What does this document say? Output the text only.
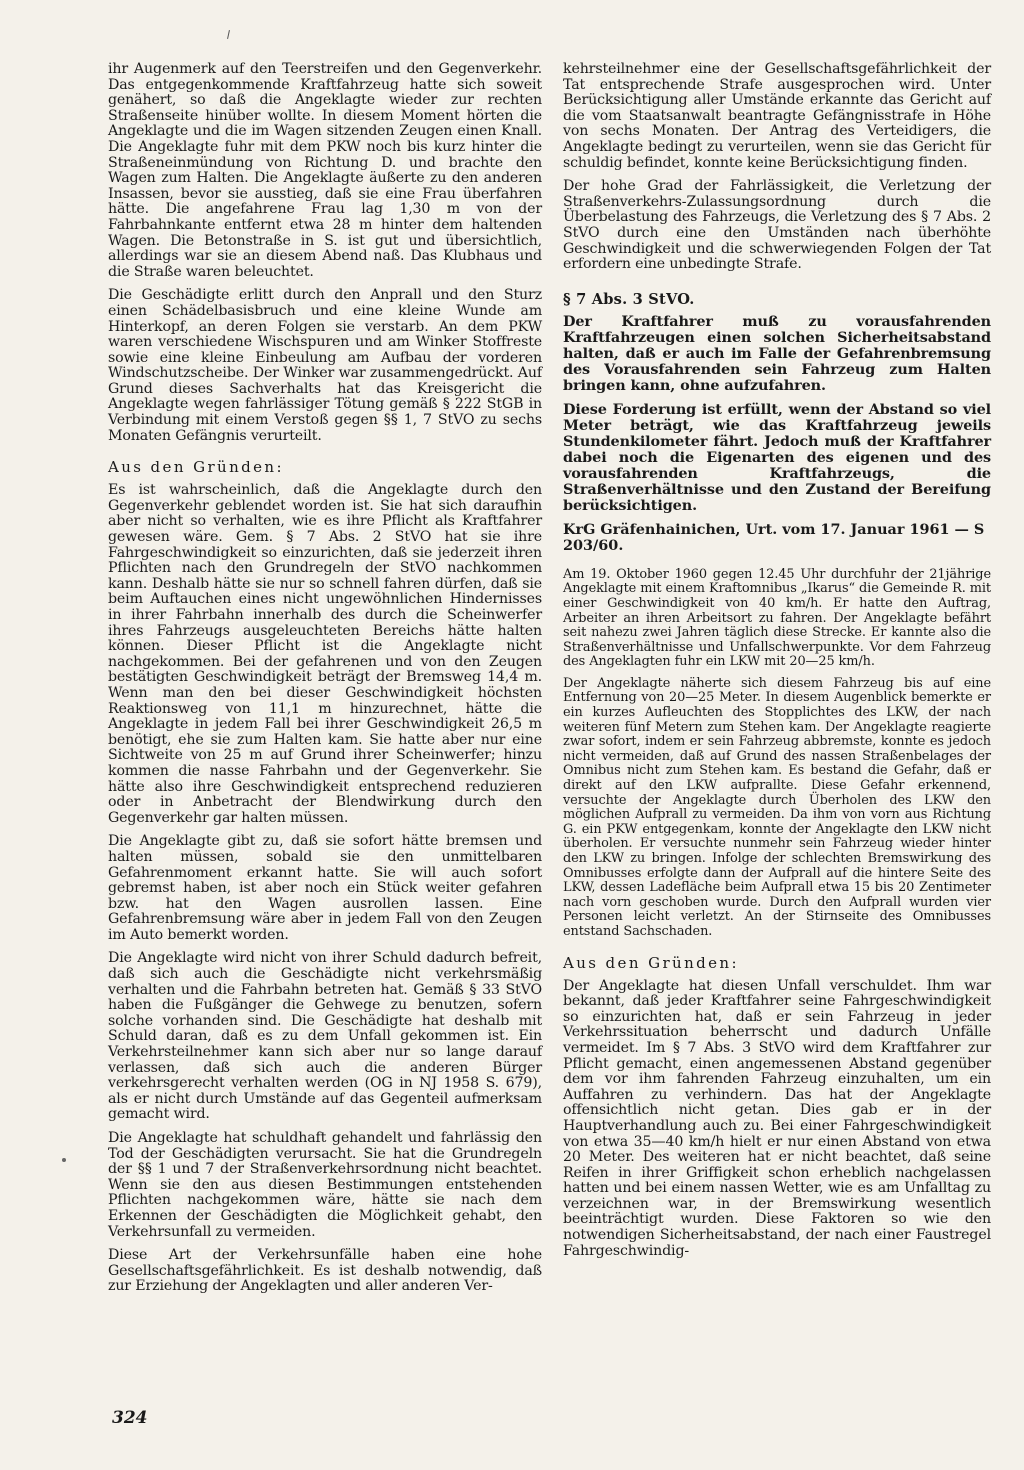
ihr Augenmerk auf den Teerstreifen und den Gegenverkehr. Das entgegenkommende Kraftfahrzeug hatte sich soweit genähert, so daß die Angeklagte wieder zur rechten Straßenseite hinüber wollte. In diesem Moment hörten die Angeklagte und die im Wagen sitzenden Zeugen einen Knall. Die Angeklagte fuhr mit dem PKW noch bis kurz hinter die Straßeneinmündung von Richtung D. und brachte den Wagen zum Halten. Die Angeklagte äußerte zu den anderen Insassen, bevor sie ausstieg, daß sie eine Frau überfahren hätte. Die angefahrene Frau lag 1,30 m von der Fahrbahnkante entfernt etwa 28 m hinter dem haltenden Wagen. Die Betonstraße in S. ist gut und übersichtlich, allerdings war sie an diesem Abend naß. Das Klubhaus und die Straße waren beleuchtet.

Die Geschädigte erlitt durch den Anprall und den Sturz einen Schädelbasisbruch und eine kleine Wunde am Hinterkopf, an deren Folgen sie verstarb. An dem PKW waren verschiedene Wischspuren und am Winker Stoffreste sowie eine kleine Einbeulung am Aufbau der vorderen Windschutzscheibe. Der Winker war zusammengedrückt. Auf Grund dieses Sachverhalts hat das Kreisgericht die Angeklagte wegen fahrlässiger Tötung gemäß § 222 StGB in Verbindung mit einem Verstoß gegen §§ 1, 7 StVO zu sechs Monaten Gefängnis verurteilt.

Aus den Gründen:

Es ist wahrscheinlich, daß die Angeklagte durch den Gegenverkehr geblendet worden ist. Sie hat sich daraufhin aber nicht so verhalten, wie es ihre Pflicht als Kraftfahrer gewesen wäre. Gem. § 7 Abs. 2 StVO hat sie ihre Fahrgeschwindigkeit so einzurichten, daß sie jederzeit ihren Pflichten nach den Grundregeln der StVO nachkommen kann. Deshalb hätte sie nur so schnell fahren dürfen, daß sie beim Auftauchen eines nicht ungewöhnlichen Hindernisses in ihrer Fahrbahn innerhalb des durch die Scheinwerfer ihres Fahrzeugs ausgeleuchteten Bereichs hätte halten können. Dieser Pflicht ist die Angeklagte nicht nachgekommen. Bei der gefahrenen und von den Zeugen bestätigten Geschwindigkeit beträgt der Bremsweg 14,4 m. Wenn man den bei dieser Geschwindigkeit höchsten Reaktionsweg von 11,1 m hinzurechnet, hätte die Angeklagte in jedem Fall bei ihrer Geschwindigkeit 26,5 m benötigt, ehe sie zum Halten kam. Sie hatte aber nur eine Sichtweite von 25 m auf Grund ihrer Scheinwerfer; hinzu kommen die nasse Fahrbahn und der Gegenverkehr. Sie hätte also ihre Geschwindigkeit entsprechend reduzieren oder in Anbetracht der Blendwirkung durch den Gegenverkehr gar halten müssen.

Die Angeklagte gibt zu, daß sie sofort hätte bremsen und halten müssen, sobald sie den unmittelbaren Gefahrenmoment erkannt hatte. Sie will auch sofort gebremst haben, ist aber noch ein Stück weiter gefahren bzw. hat den Wagen ausrollen lassen. Eine Gefahrenbremsung wäre aber in jedem Fall von den Zeugen im Auto bemerkt worden.

Die Angeklagte wird nicht von ihrer Schuld dadurch befreit, daß sich auch die Geschädigte nicht verkehrsmäßig verhalten und die Fahrbahn betreten hat. Gemäß § 33 StVO haben die Fußgänger die Gehwege zu benutzen, sofern solche vorhanden sind. Die Geschädigte hat deshalb mit Schuld daran, daß es zu dem Unfall gekommen ist. Ein Verkehrsteilnehmer kann sich aber nur so lange darauf verlassen, daß sich auch die anderen Bürger verkehrsgerecht verhalten werden (OG in NJ 1958 S. 679), als er nicht durch Umstände auf das Gegenteil aufmerksam gemacht wird.

Die Angeklagte hat schuldhaft gehandelt und fahrlässig den Tod der Geschädigten verursacht. Sie hat die Grundregeln der §§ 1 und 7 der Straßenverkehrsordnung nicht beachtet. Wenn sie den aus diesen Bestimmungen entstehenden Pflichten nachgekommen wäre, hätte sie nach dem Erkennen der Geschädigten die Möglichkeit gehabt, den Verkehrsunfall zu vermeiden.

Diese Art der Verkehrsunfälle haben eine hohe Gesellschaftsgefährlichkeit. Es ist deshalb notwendig, daß zur Erziehung der Angeklagten und aller anderen Ver-

kehrsteilnehmer eine der Gesellschaftsgefährlichkeit der Tat entsprechende Strafe ausgesprochen wird. Unter Berücksichtigung aller Umstände erkannte das Gericht auf die vom Staatsanwalt beantragte Gefängnisstrafe in Höhe von sechs Monaten. Der Antrag des Verteidigers, die Angeklagte bedingt zu verurteilen, wenn sie das Gericht für schuldig befindet, konnte keine Berücksichtigung finden.

Der hohe Grad der Fahrlässigkeit, die Verletzung der Straßenverkehrs-Zulassungsordnung durch die Überbelastung des Fahrzeugs, die Verletzung des § 7 Abs. 2 StVO durch eine den Umständen nach überhöhte Geschwindigkeit und die schwerwiegenden Folgen der Tat erfordern eine unbedingte Strafe.

§ 7 Abs. 3 StVO.

Der Kraftfahrer muß zu vorausfahrenden Kraftfahrzeugen einen solchen Sicherheitsabstand halten, daß er auch im Falle der Gefahrenbremsung des Vorausfahrenden sein Fahrzeug zum Halten bringen kann, ohne aufzufahren.

Diese Forderung ist erfüllt, wenn der Abstand so viel Meter beträgt, wie das Kraftfahrzeug jeweils Stundenkilometer fährt. Jedoch muß der Kraftfahrer dabei noch die Eigenarten des eigenen und des vorausfahrenden Kraftfahrzeugs, die Straßenverhältnisse und den Zustand der Bereifung berücksichtigen.

KrG Gräfenhainichen, Urt. vom 17. Januar 1961 — S 203/60.

Am 19. Oktober 1960 gegen 12.45 Uhr durchfuhr der 21jährige Angeklagte mit einem Kraftomnibus „Ikarus“ die Gemeinde R. mit einer Geschwindigkeit von 40 km/h. Er hatte den Auftrag, Arbeiter an ihren Arbeitsort zu fahren. Der Angeklagte befährt seit nahezu zwei Jahren täglich diese Strecke. Er kannte also die Straßenverhältnisse und Unfallschwerpunkte. Vor dem Fahrzeug des Angeklagten fuhr ein LKW mit 20—25 km/h.

Der Angeklagte näherte sich diesem Fahrzeug bis auf eine Entfernung von 20—25 Meter. In diesem Augenblick bemerkte er ein kurzes Aufleuchten des Stopplichtes des LKW, der nach weiteren fünf Metern zum Stehen kam. Der Angeklagte reagierte zwar sofort, indem er sein Fahrzeug abbremste, konnte es jedoch nicht vermeiden, daß auf Grund des nassen Straßenbelages der Omnibus nicht zum Stehen kam. Es bestand die Gefahr, daß er direkt auf den LKW aufprallte. Diese Gefahr erkennend, versuchte der Angeklagte durch Überholen des LKW den möglichen Aufprall zu vermeiden. Da ihm von vorn aus Richtung G. ein PKW entgegenkam, konnte der Angeklagte den LKW nicht überholen. Er versuchte nunmehr sein Fahrzeug wieder hinter den LKW zu bringen. Infolge der schlechten Bremswirkung des Omnibusses erfolgte dann der Aufprall auf die hintere Seite des LKW, dessen Ladefläche beim Aufprall etwa 15 bis 20 Zentimeter nach vorn geschoben wurde. Durch den Aufprall wurden vier Personen leicht verletzt. An der Stirnseite des Omnibusses entstand Sachschaden.

Aus den Gründen:

Der Angeklagte hat diesen Unfall verschuldet. Ihm war bekannt, daß jeder Kraftfahrer seine Fahrgeschwindigkeit so einzurichten hat, daß er sein Fahrzeug in jeder Verkehrssituation beherrscht und dadurch Unfälle vermeidet. Im § 7 Abs. 3 StVO wird dem Kraftfahrer zur Pflicht gemacht, einen angemessenen Abstand gegenüber dem vor ihm fahrenden Fahrzeug einzuhalten, um ein Auffahren zu verhindern. Das hat der Angeklagte offensichtlich nicht getan. Dies gab er in der Hauptverhandlung auch zu. Bei einer Fahrgeschwindigkeit von etwa 35—40 km/h hielt er nur einen Abstand von etwa 20 Meter. Des weiteren hat er nicht beachtet, daß seine Reifen in ihrer Griffigkeit schon erheblich nachgelassen hatten und bei einem nassen Wetter, wie es am Unfalltag zu verzeichnen war, in der Bremswirkung wesentlich beeinträchtigt wurden. Diese Faktoren so wie den notwendigen Sicherheitsabstand, der nach einer Faustregel Fahrgeschwindig-

324
